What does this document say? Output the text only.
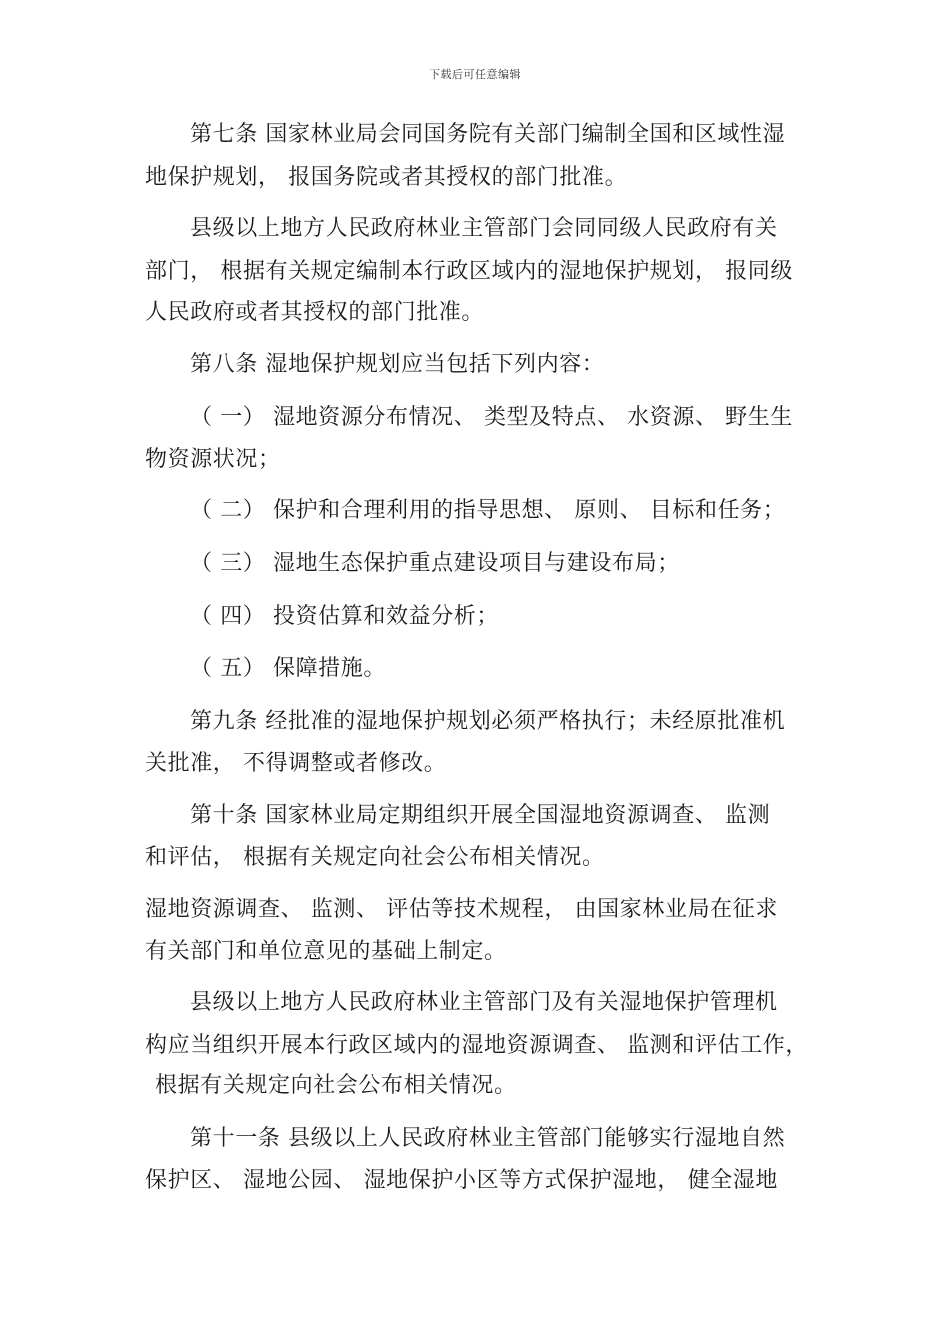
下载后可任意编辑
第七条 国家林业局会同国务院有关部门编制全国和区域性湿
地保护规划， 报国务院或者其授权的部门批准。
县级以上地方人民政府林业主管部门会同同级人民政府有关
部门， 根据有关规定编制本行政区域内的湿地保护规划， 报同级
人民政府或者其授权的部门批准。
第八条 湿地保护规划应当包括下列内容：
（ 一） 湿地资源分布情况、 类型及特点、 水资源、 野生生
物资源状况；
（ 二） 保护和合理利用的指导思想、 原则、 目标和任务；
（ 三） 湿地生态保护重点建设项目与建设布局；
（ 四） 投资估算和效益分析；
（ 五） 保障措施。
第九条 经批准的湿地保护规划必须严格执行；未经原批准机
关批准， 不得调整或者修改。
第十条 国家林业局定期组织开展全国湿地资源调查、 监测
和评估， 根据有关规定向社会公布相关情况。
湿地资源调查、 监测、 评估等技术规程， 由国家林业局在征求
有关部门和单位意见的基础上制定。
县级以上地方人民政府林业主管部门及有关湿地保护管理机
构应当组织开展本行政区域内的湿地资源调查、 监测和评估工作，
根据有关规定向社会公布相关情况。
第十一条 县级以上人民政府林业主管部门能够实行湿地自然
保护区、 湿地公园、 湿地保护小区等方式保护湿地， 健全湿地
